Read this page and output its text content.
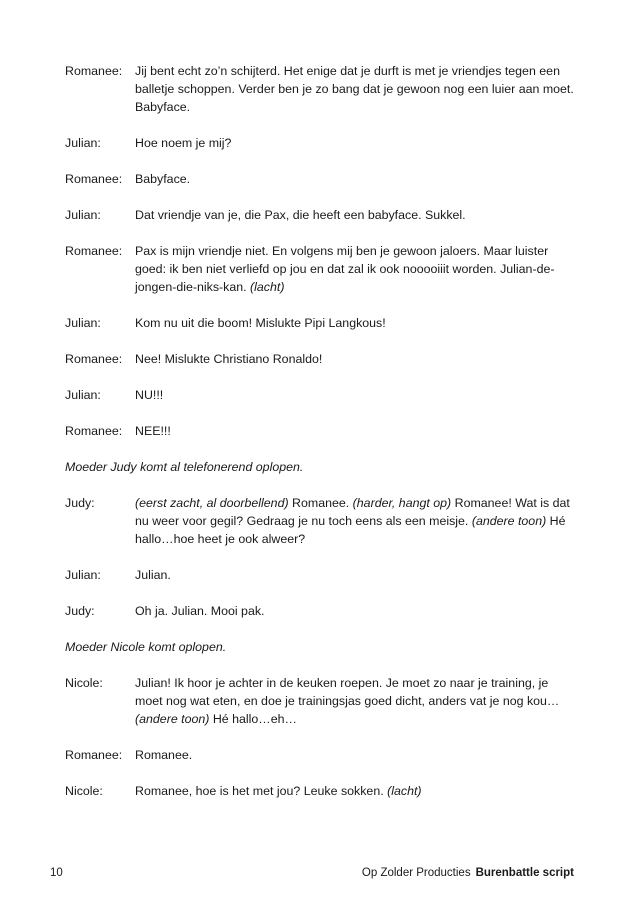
Romanee:	Jij bent echt zo’n schijterd. Het enige dat je durft is met je vriendjes tegen een balletje schoppen. Verder ben je zo bang dat je gewoon nog een luier aan moet. Babyface.
Julian:	Hoe noem je mij?
Romanee:	Babyface.
Julian:	Dat vriendje van je, die Pax, die heeft een babyface. Sukkel.
Romanee:	Pax is mijn vriendje niet. En volgens mij ben je gewoon jaloers. Maar luister goed: ik ben niet verliefd op jou en dat zal ik ook nooooiiit worden. Julian-de-jongen-die-niks-kan. (lacht)
Julian:	Kom nu uit die boom! Mislukte Pipi Langkous!
Romanee:	Nee! Mislukte Christiano Ronaldo!
Julian:	NU!!!
Romanee:	NEE!!!
Moeder Judy komt al telefonerend oplopen.
Judy:	(eerst zacht, al doorbellend) Romanee. (harder, hangt op) Romanee! Wat is dat nu weer voor gegil? Gedraag je nu toch eens als een meisje. (andere toon) Hé hallo…hoe heet je ook alweer?
Julian:	Julian.
Judy:	Oh ja. Julian. Mooi pak.
Moeder Nicole komt oplopen.
Nicole:	Julian! Ik hoor je achter in de keuken roepen. Je moet zo naar je training, je moet nog wat eten, en doe je trainingsjas goed dicht, anders vat je nog kou… (andere toon) Hé hallo…eh…
Romanee:	Romanee.
Nicole:	Romanee, hoe is het met jou? Leuke sokken. (lacht)
10	Op Zolder Producties Burenbattle script
